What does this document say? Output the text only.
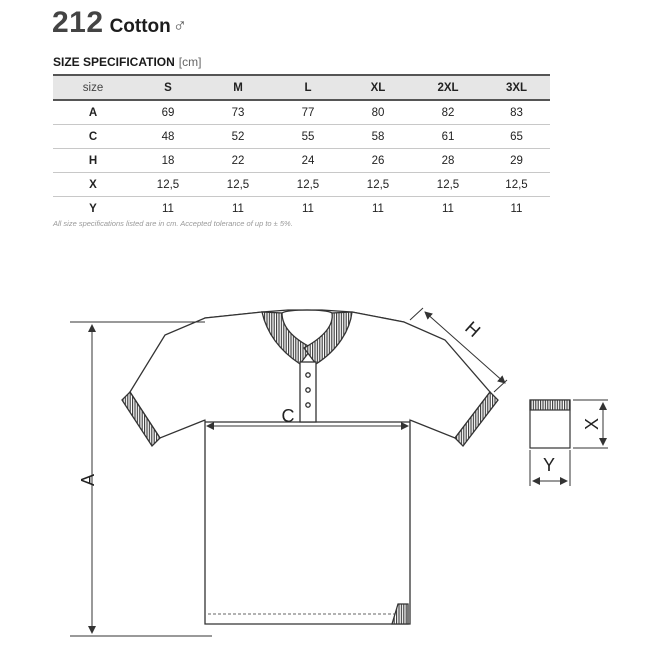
212 Cotton ♂
SIZE SPECIFICATION [cm]
size	S	M	L	XL	2XL	3XL
A	69	73	77	80	82	83
C	48	52	55	58	61	65
H	18	22	24	26	28	29
X	12,5	12,5	12,5	12,5	12,5	12,5
Y	11	11	11	11	11	11
All size specifications listed are in cm. Accepted tolerance of up to ± 5%.
A
C
H
X
Y
